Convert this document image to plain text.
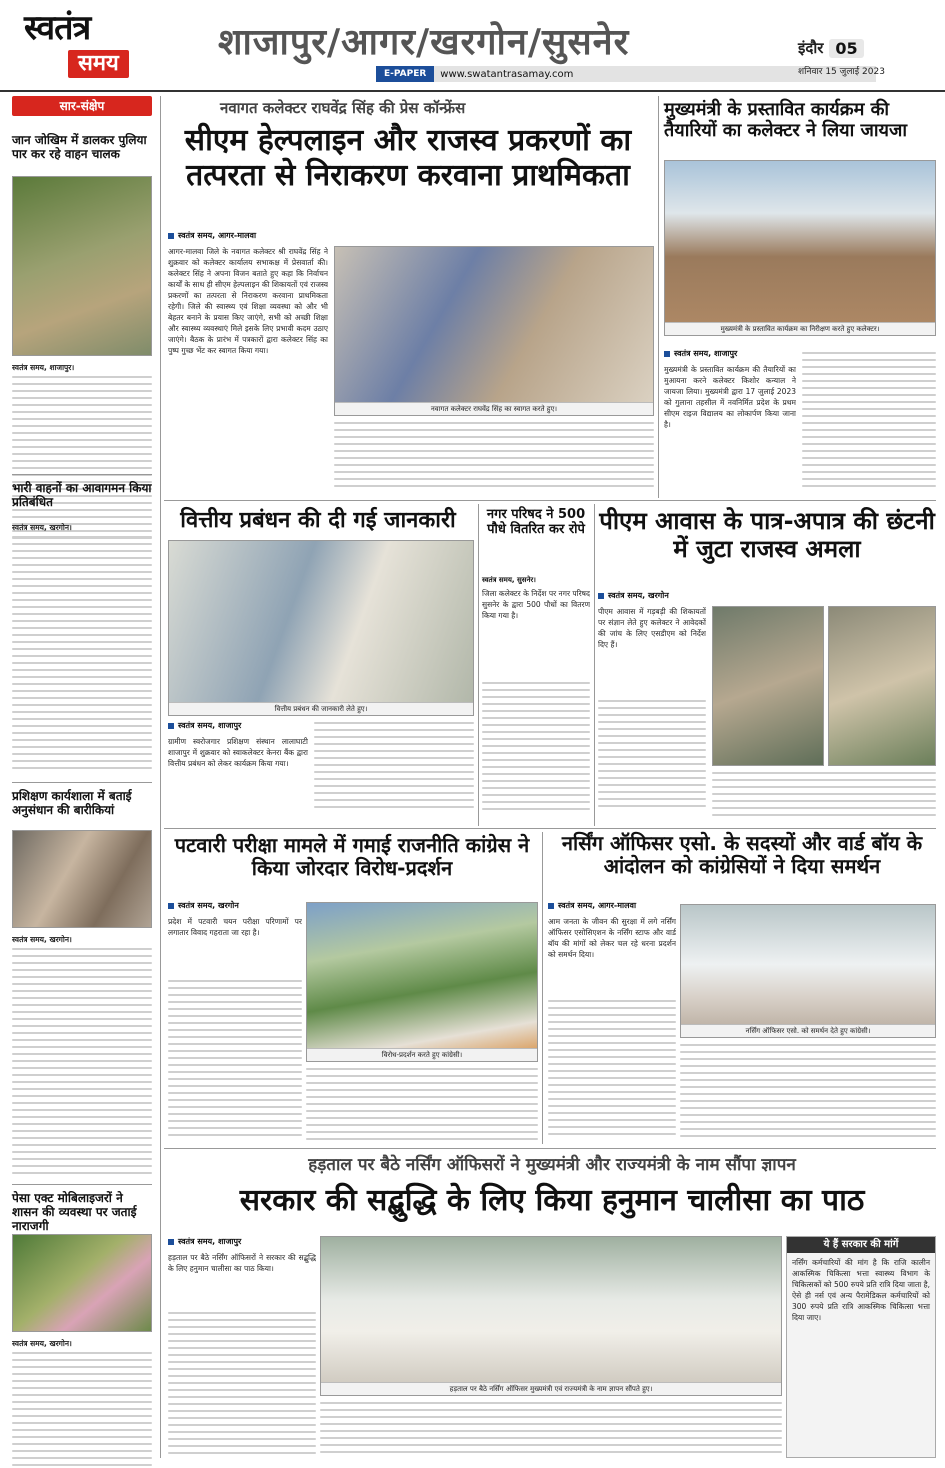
स्वतंत्र
समय
शाजापुर/आगर/खरगोन/सुसनेर
E-PAPER	www.swatantrasamay.com
इंदौर 05
शनिवार 15 जुलाई 2023
सार-संक्षेप
जान जोखिम में डालकर पुलिया पार कर रहे वाहन चालक
स्वतंत्र समय, शाजापुर।
भारी वाहनों का आवागमन किया प्रतिबंधित
स्वतंत्र समय, खरगोन।
प्रशिक्षण कार्यशाला में बताई अनुसंधान की बारीकियां
स्वतंत्र समय, खरगोन।
पेसा एक्ट मोबिलाइजरों ने शासन की व्यवस्था पर जताई नाराजगी
स्वतंत्र समय, खरगोन।
नवागत कलेक्टर राघवेंद्र सिंह की प्रेस कॉन्फ्रेंस
सीएम हेल्पलाइन और राजस्व प्रकरणों का तत्परता से निराकरण करवाना प्राथमिकता
स्वतंत्र समय, आगर-मालवा
आगर-मालवा जिले के नवागत कलेक्टर श्री राघवेंद्र सिंह ने शुक्रवार को कलेक्टर कार्यालय सभाकक्ष में प्रेसवार्ता की। कलेक्टर सिंह ने अपना विजन बताते हुए कहा कि निर्वाचन कार्यों के साथ ही सीएम हेल्पलाइन की शिकायतों एवं राजस्व प्रकरणों का तत्परता से निराकरण करवाना प्राथमिकता रहेगी। जिले की स्वास्थ्य एवं शिक्षा व्यवस्था को और भी बेहतर बनाने के प्रयास किए जाएंगे, सभी को अच्छी शिक्षा और स्वास्थ्य व्यवस्थाएं मिले इसके लिए प्रभावी कदम उठाए जाएंगे। बैठक के प्रारंभ में पत्रकारों द्वारा कलेक्टर सिंह का पुष्प गुच्छ भेंट कर स्वागत किया गया।
नवागत कलेक्टर राघवेंद्र सिंह का स्वागत करते हुए।
मुख्यमंत्री के प्रस्तावित कार्यक्रम की तैयारियों का कलेक्टर ने लिया जायजा
मुख्यमंत्री के प्रस्तावित कार्यक्रम का निरीक्षण करते हुए कलेक्टर।
स्वतंत्र समय, शाजापुर
मुख्यमंत्री के प्रस्तावित कार्यक्रम की तैयारियों का मुआयना करने कलेक्टर किशोर कन्याल ने जायजा लिया। मुख्यमंत्री द्वारा 17 जुलाई 2023 को गुलाना तहसील में नवनिर्मित प्रदेश के प्रथम सीएम राइज विद्यालय का लोकार्पण किया जाना है।
वित्तीय प्रबंधन की दी गई जानकारी
वित्तीय प्रबंधन की जानकारी लेते हुए।
स्वतंत्र समय, शाजापुर
ग्रामीण स्वरोजगार प्रशिक्षण संस्थान लालाघाटी शाजापुर में शुक्रवार को स्वाकलेक्टर केनरा बैंक द्वारा वित्तीय प्रबंधन को लेकर कार्यक्रम किया गया।
नगर परिषद ने 500 पौधे वितरित कर रोपे
स्वतंत्र समय, सुसनेर।
जिला कलेक्टर के निर्देश पर नगर परिषद सुसनेर के द्वारा 500 पौधों का वितरण किया गया है।
पीएम आवास के पात्र-अपात्र की छंटनी में जुटा राजस्व अमला
स्वतंत्र समय, खरगोन
पीएम आवास में गड़बड़ी की शिकायतों पर संज्ञान लेते हुए कलेक्टर ने आवेदकों की जांच के लिए एसडीएम को निर्देश दिए हैं।
पटवारी परीक्षा मामले में गमाई राजनीति कांग्रेस ने किया जोरदार विरोध-प्रदर्शन
स्वतंत्र समय, खरगोन
प्रदेश में पटवारी चयन परीक्षा परिणामों पर लगातार विवाद गहराता जा रहा है।
विरोध-प्रदर्शन करते हुए कांग्रेसी।
नर्सिंग ऑफिसर एसो. के सदस्यों और वार्ड बॉय के आंदोलन को कांग्रेसियों ने दिया समर्थन
स्वतंत्र समय, आगर-मालवा
आम जनता के जीवन की सुरक्षा में लगे नर्सिंग ऑफिसर एसोसिएशन के नर्सिंग स्टाफ और वार्ड बॉय की मांगों को लेकर चल रहे धरना प्रदर्शन को समर्थन दिया।
नर्सिंग ऑफिसर एसो. को समर्थन देते हुए कांग्रेसी।
हड़ताल पर बैठे नर्सिंग ऑफिसरों ने मुख्यमंत्री और राज्यमंत्री के नाम सौंपा ज्ञापन
सरकार की सद्बुद्धि के लिए किया हनुमान चालीसा का पाठ
स्वतंत्र समय, शाजापुर
हड़ताल पर बैठे नर्सिंग ऑफिसरों ने सरकार की सद्बुद्धि के लिए हनुमान चालीसा का पाठ किया।
हड़ताल पर बैठे नर्सिंग ऑफिसर मुख्यमंत्री एवं राज्यमंत्री के नाम ज्ञापन सौंपते हुए।
ये हैं सरकार की मांगें
नर्सिंग कर्मचारियों की मांग है कि राजि कालीन आकस्मिक चिकित्सा भत्ता स्वास्थ्य विभाग के चिकित्सकों को 500 रुपये प्रति रात्रि दिया जाता है, ऐसे ही नर्स एवं अन्य पैरामेडिकल कर्मचारियों को 300 रुपये प्रति रात्रि आकस्मिक चिकित्सा भत्ता दिया जाए।
